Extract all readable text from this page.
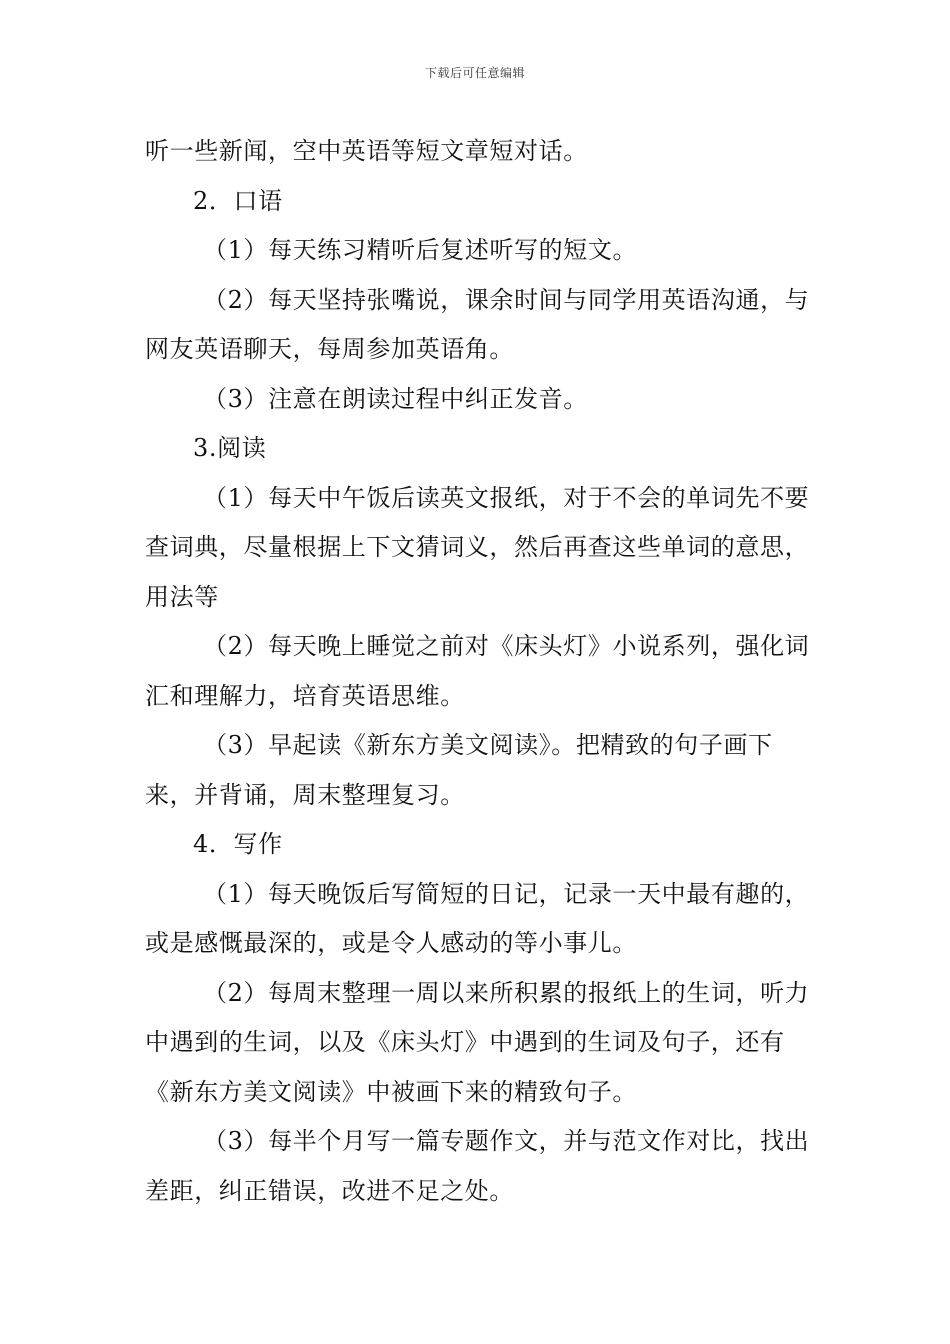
下载后可任意编辑

听一些新闻，空中英语等短文章短对话。

2．口语

（1）每天练习精听后复述听写的短文。

（2）每天坚持张嘴说，课余时间与同学用英语沟通，与网友英语聊天，每周参加英语角。

（3）注意在朗读过程中纠正发音。

3.阅读

（1）每天中午饭后读英文报纸，对于不会的单词先不要查词典，尽量根据上下文猜词义，然后再查这些单词的意思，用法等

（2）每天晚上睡觉之前对《床头灯》小说系列，强化词汇和理解力，培育英语思维。

（3）早起读《新东方美文阅读》。把精致的句子画下来，并背诵，周末整理复习。

4．写作

（1）每天晚饭后写简短的日记，记录一天中最有趣的，或是感慨最深的，或是令人感动的等小事儿。

（2）每周末整理一周以来所积累的报纸上的生词，听力中遇到的生词，以及《床头灯》中遇到的生词及句子，还有《新东方美文阅读》中被画下来的精致句子。

（3）每半个月写一篇专题作文，并与范文作对比，找出差距，纠正错误，改进不足之处。
